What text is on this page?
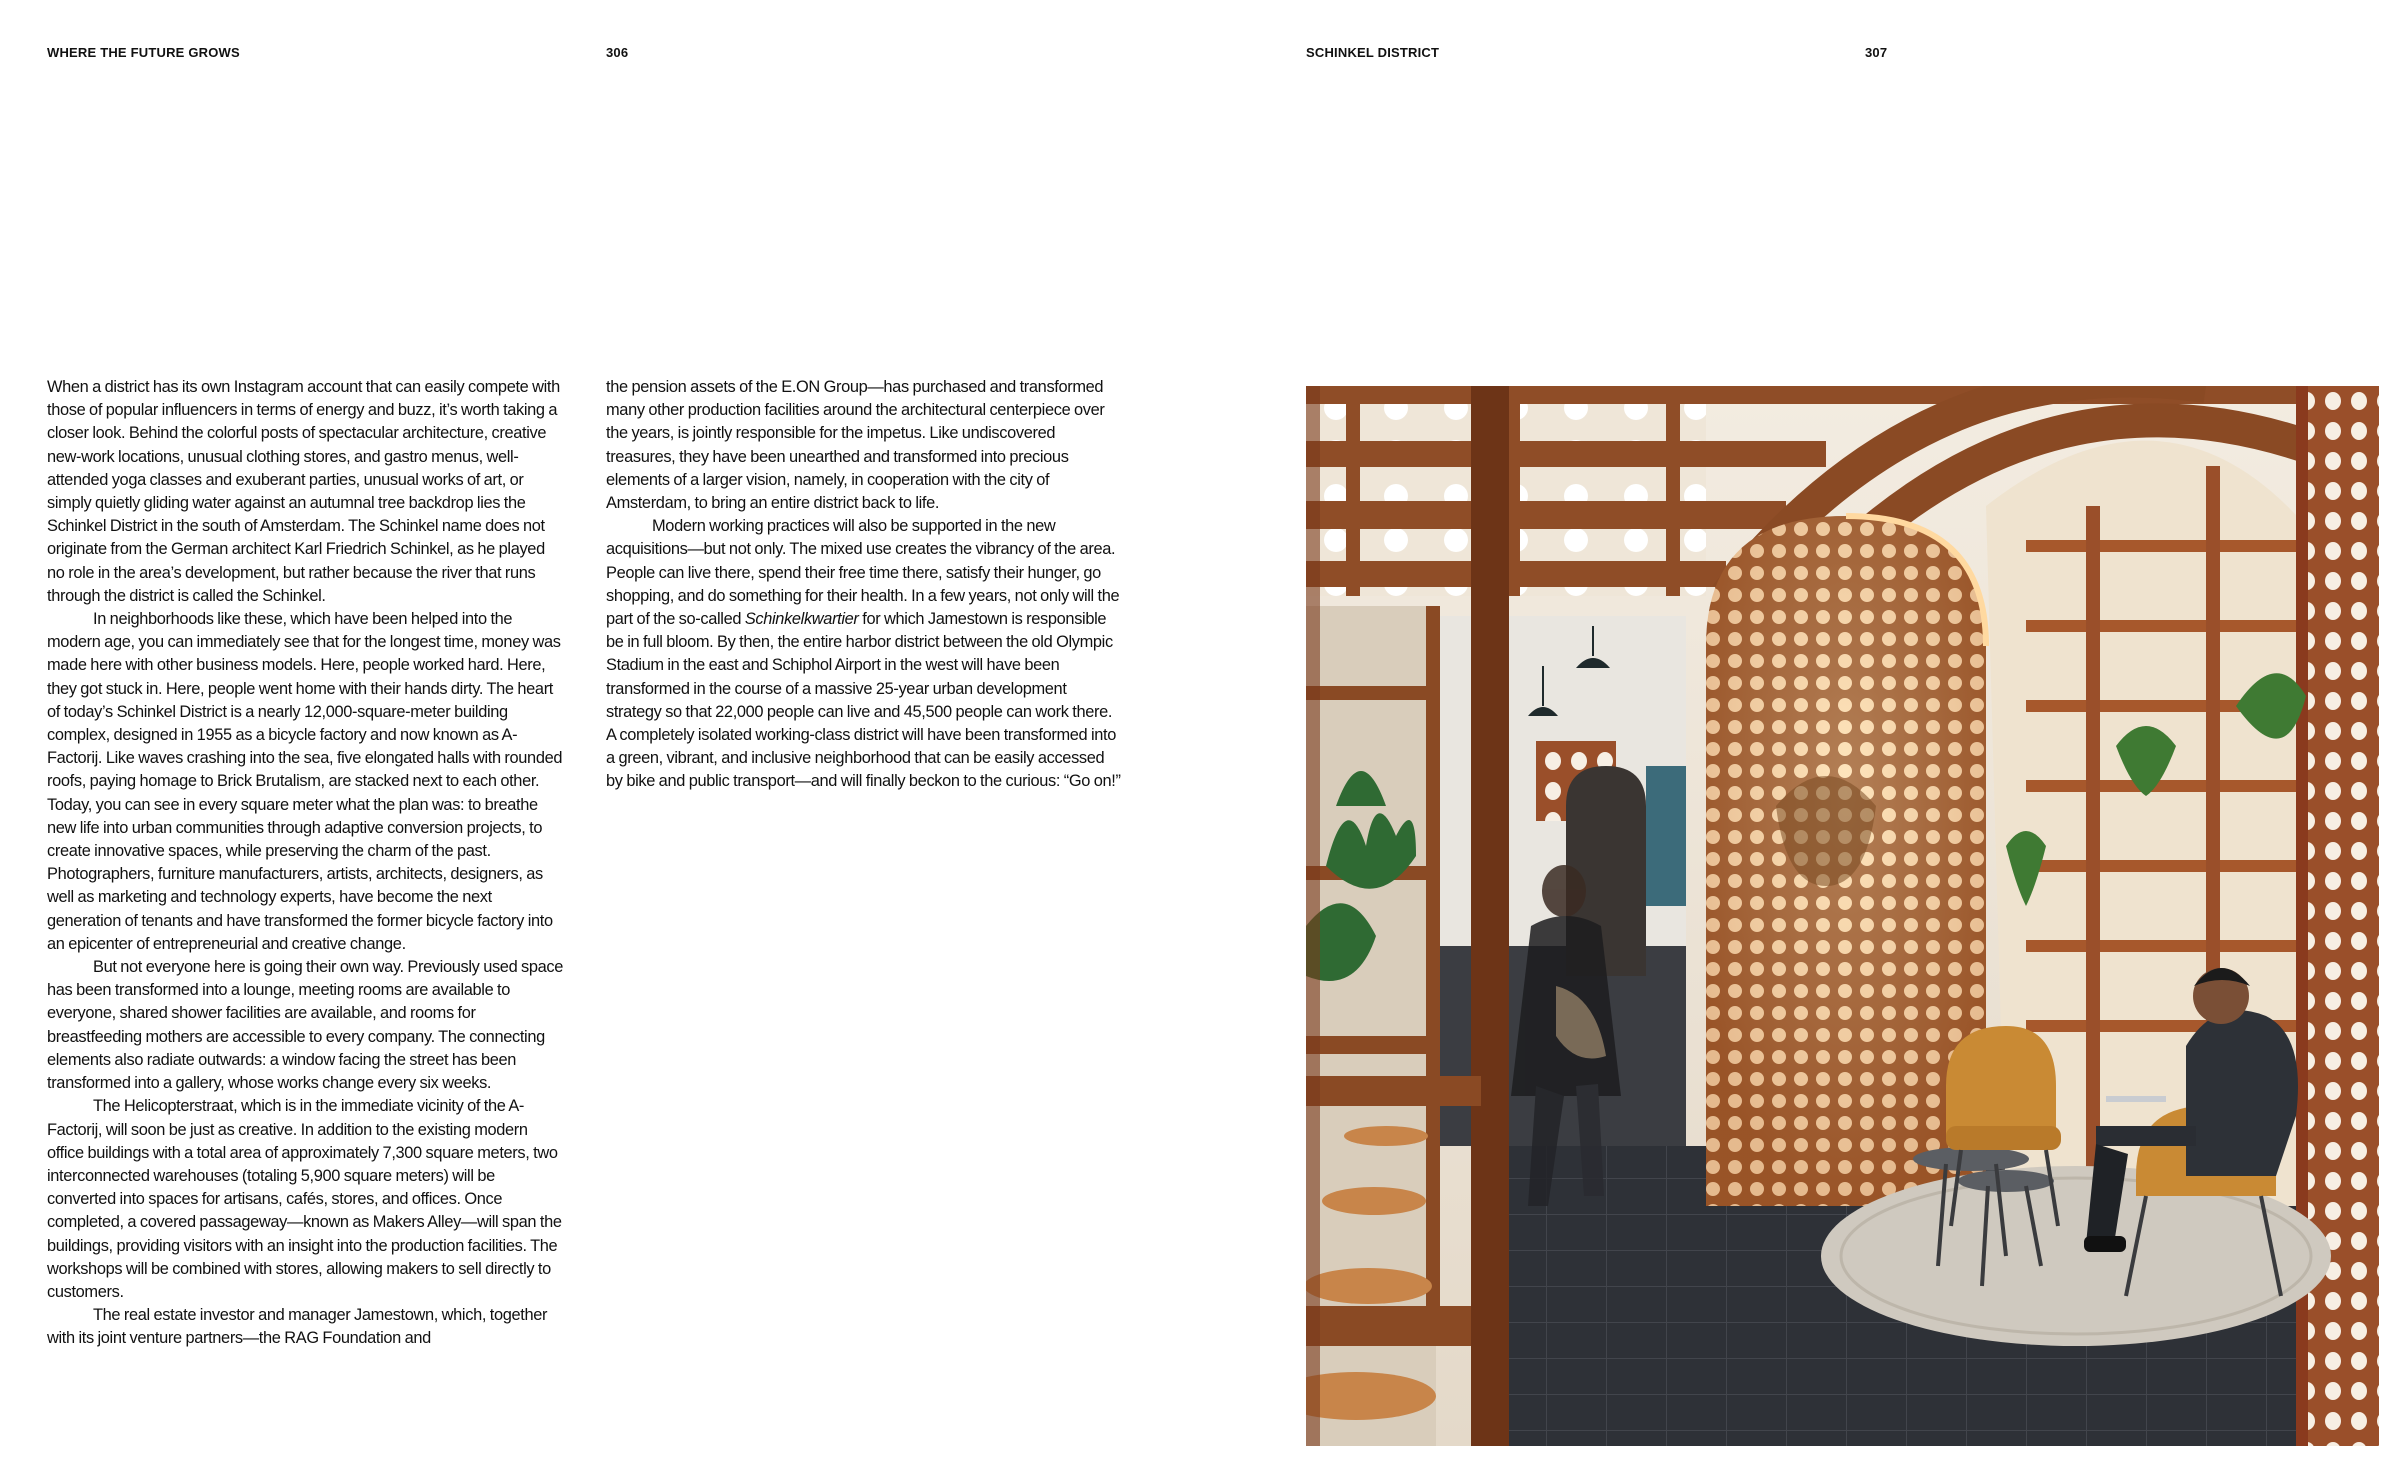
WHERE THE FUTURE GROWS	306	SCHINKEL DISTRICT	307

When a district has its own Instagram account that can easily compete with those of popular influencers in terms of energy and buzz, it’s worth taking a closer look. Behind the colorful posts of spectacular architecture, creative new-work locations, unusual clothing stores, and gastro menus, well-attended yoga classes and exuberant parties, unusual works of art, or simply quietly gliding water against an autumnal tree backdrop lies the Schinkel District in the south of Amsterdam. The Schinkel name does not originate from the German architect Karl Friedrich Schinkel, as he played no role in the area’s development, but rather because the river that runs through the district is called the Schinkel.

In neighborhoods like these, which have been helped into the modern age, you can immediately see that for the longest time, money was made here with other business models. Here, people worked hard. Here, they got stuck in. Here, people went home with their hands dirty. The heart of today’s Schinkel District is a nearly 12,000-square-meter building complex, designed in 1955 as a bicycle factory and now known as A-Factorij. Like waves crashing into the sea, five elongated halls with rounded roofs, paying homage to Brick Brutalism, are stacked next to each other. Today, you can see in every square meter what the plan was: to breathe new life into urban communities through adaptive conversion projects, to create innovative spaces, while preserving the charm of the past. Photographers, furniture manufacturers, artists, architects, designers, as well as marketing and technology experts, have become the next generation of tenants and have transformed the former bicycle factory into an epicenter of entrepreneurial and creative change.

But not everyone here is going their own way. Previously used space has been transformed into a lounge, meeting rooms are available to everyone, shared shower facilities are available, and rooms for breastfeeding mothers are accessible to every company. The connecting elements also radiate outwards: a window facing the street has been transformed into a gallery, whose works change every six weeks.

The Helicopterstraat, which is in the immediate vicinity of the A-Factorij, will soon be just as creative. In addition to the existing modern office buildings with a total area of approximately 7,300 square meters, two interconnected warehouses (totaling 5,900 square meters) will be converted into spaces for artisans, cafés, stores, and offices. Once completed, a covered passageway—known as Makers Alley—will span the buildings, providing visitors with an insight into the production facilities. The workshops will be combined with stores, allowing makers to sell directly to customers.

The real estate investor and manager Jamestown, which, together with its joint venture partners—the RAG Foundation and

the pension assets of the E.ON Group—has purchased and transformed many other production facilities around the architectural centerpiece over the years, is jointly responsible for the impetus. Like undiscovered treasures, they have been unearthed and transformed into precious elements of a larger vision, namely, in cooperation with the city of Amsterdam, to bring an entire district back to life.

Modern working practices will also be supported in the new acquisitions—but not only. The mixed use creates the vibrancy of the area. People can live there, spend their free time there, satisfy their hunger, go shopping, and do something for their health. In a few years, not only will the part of the so-called Schinkelkwartier for which Jamestown is responsible be in full bloom. By then, the entire harbor district between the old Olympic Stadium in the east and Schiphol Airport in the west will have been transformed in the course of a massive 25-year urban development strategy so that 22,000 people can live and 45,500 people can work there. A completely isolated working-class district will have been transformed into a green, vibrant, and inclusive neighborhood that can be easily accessed by bike and public transport—and will finally beckon to the curious: “Go on!”
